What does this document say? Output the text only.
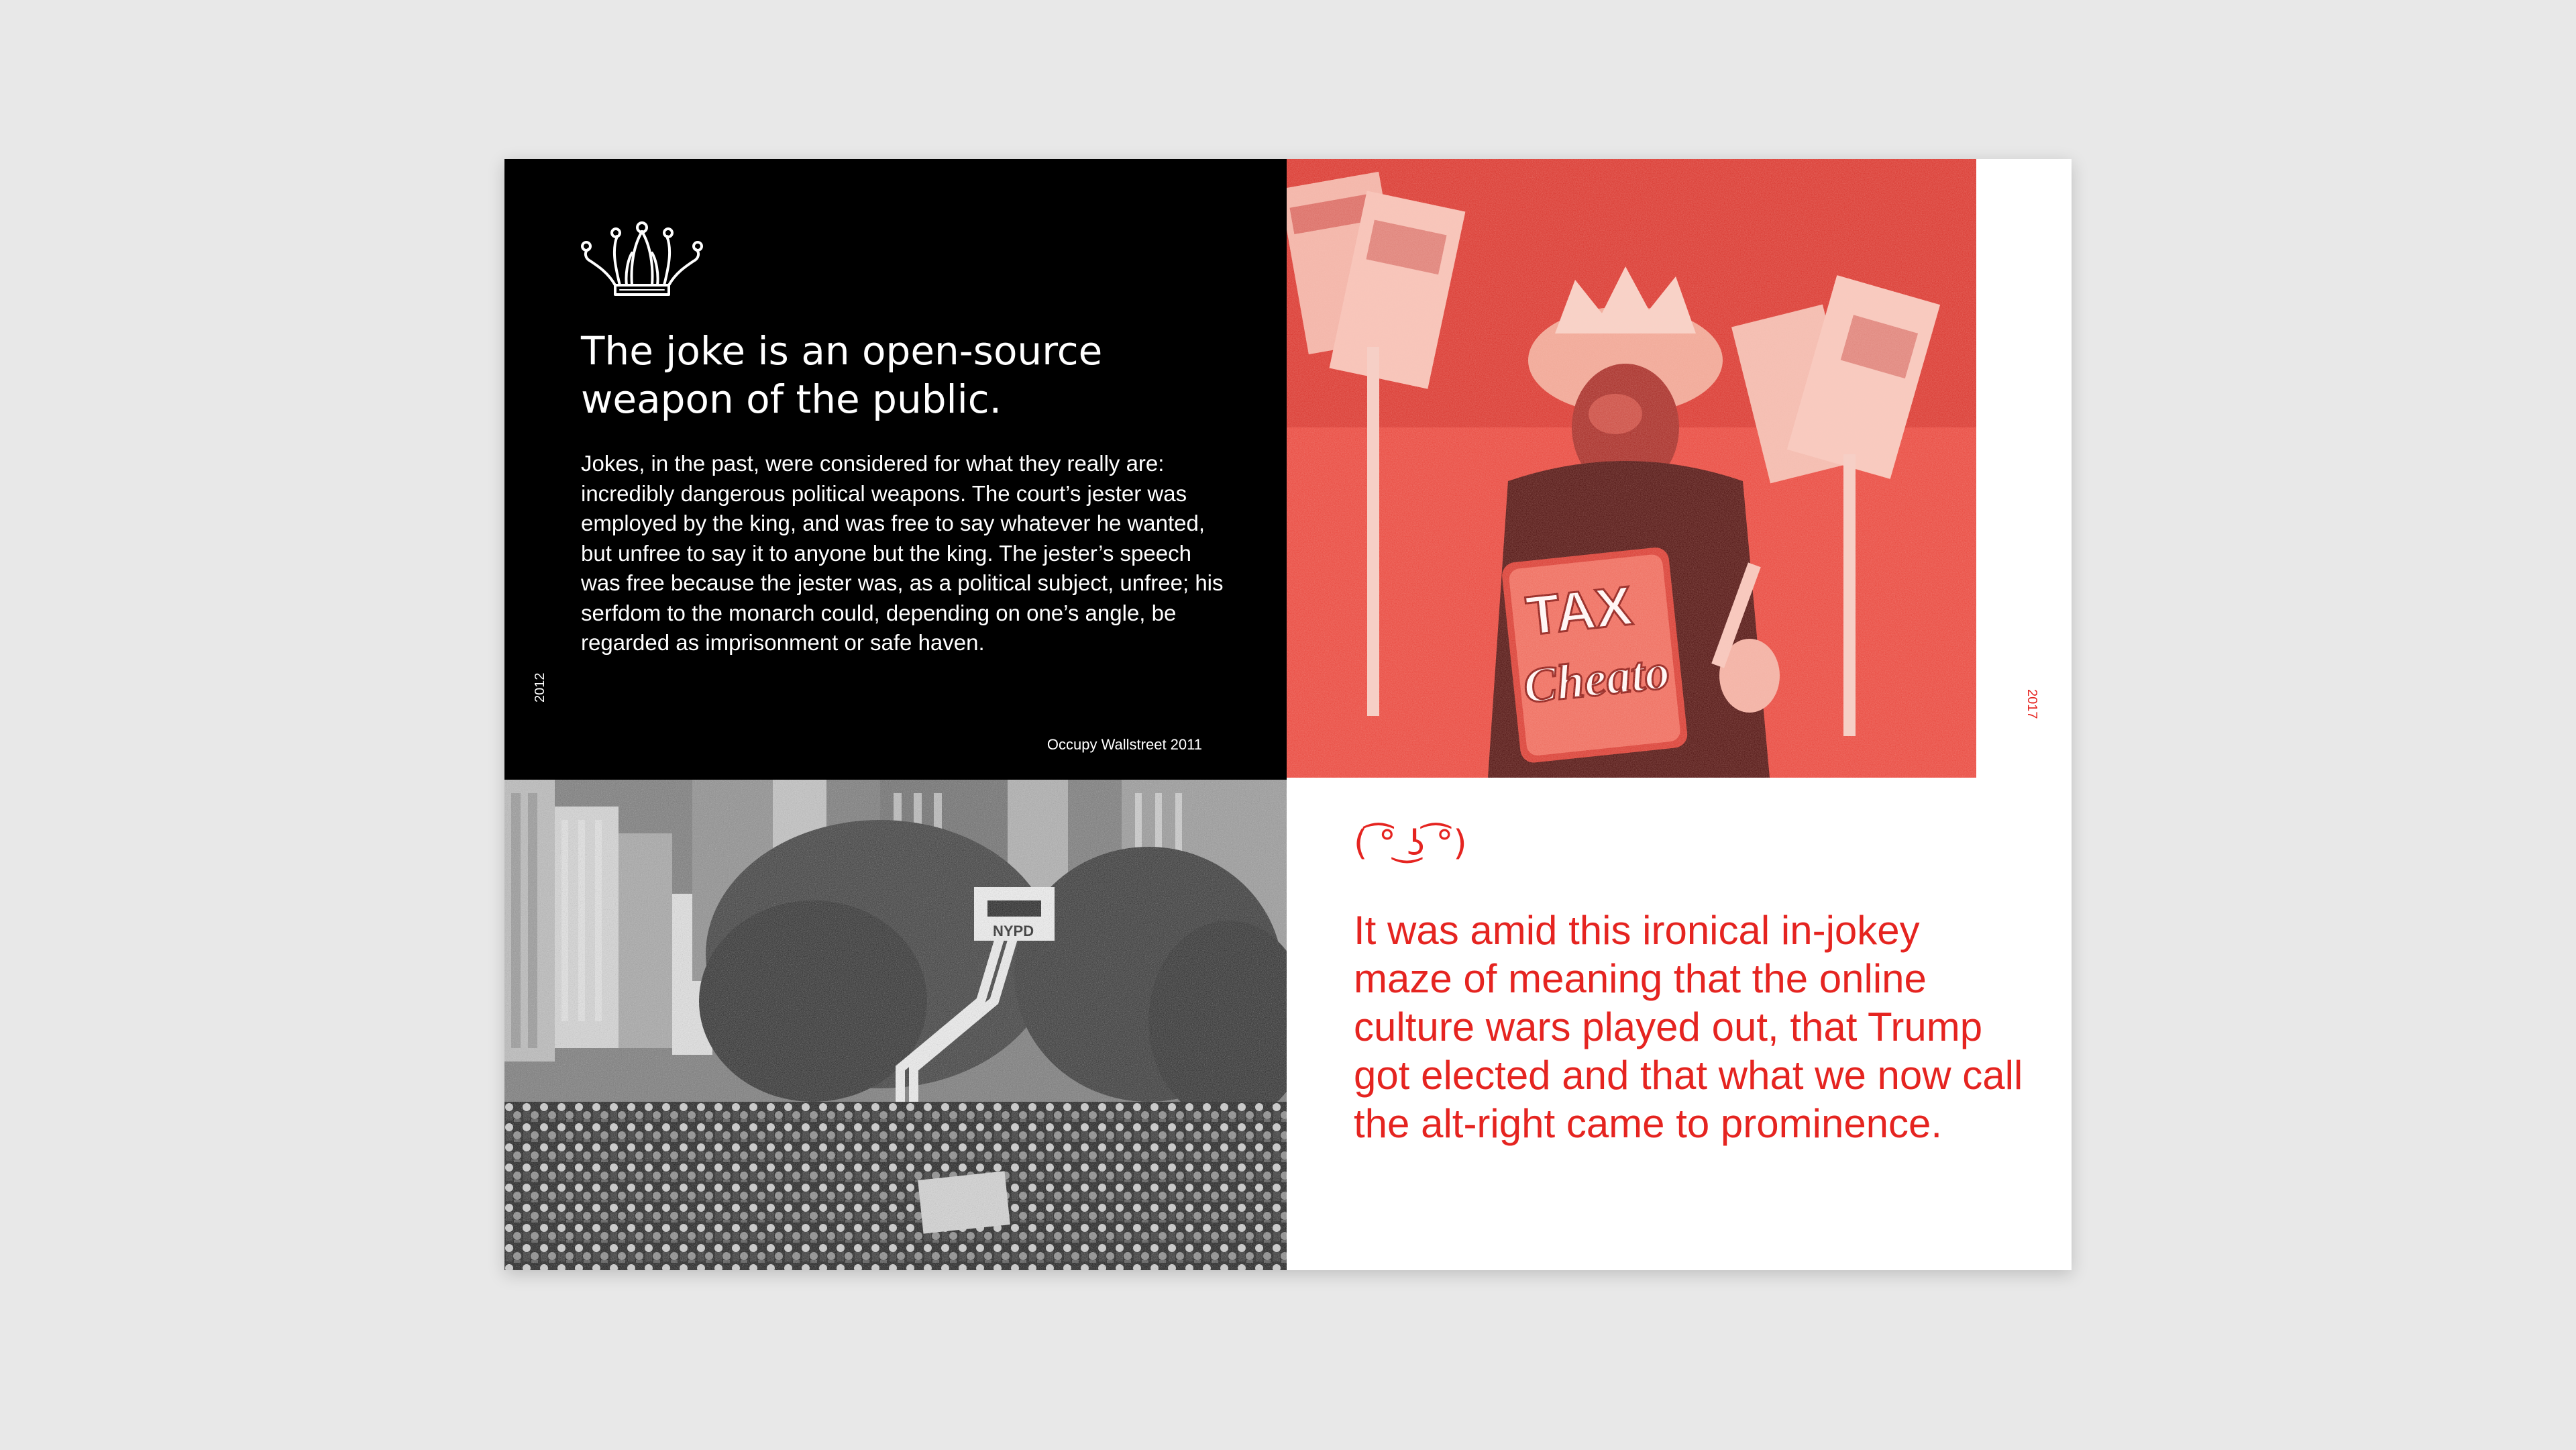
The joke is an open-source weapon of the public.

Jokes, in the past, were considered for what they really are: incredibly dangerous political weapons. The court’s jester was employed by the king, and was free to say whatever he wanted, but unfree to say it to anyone but the king. The jester’s speech was free because the jester was, as a political subject, unfree; his serfdom to the monarch could, depending on one’s angle, be regarded as imprisonment or safe haven.

Occupy Wallstreet 2011
2012
2017
( ͡° ͜ʖ ͡°)

It was amid this ironical in-jokey maze of meaning that the online culture wars played out, that Trump got elected and that what we now call the alt-right came to prominence.
